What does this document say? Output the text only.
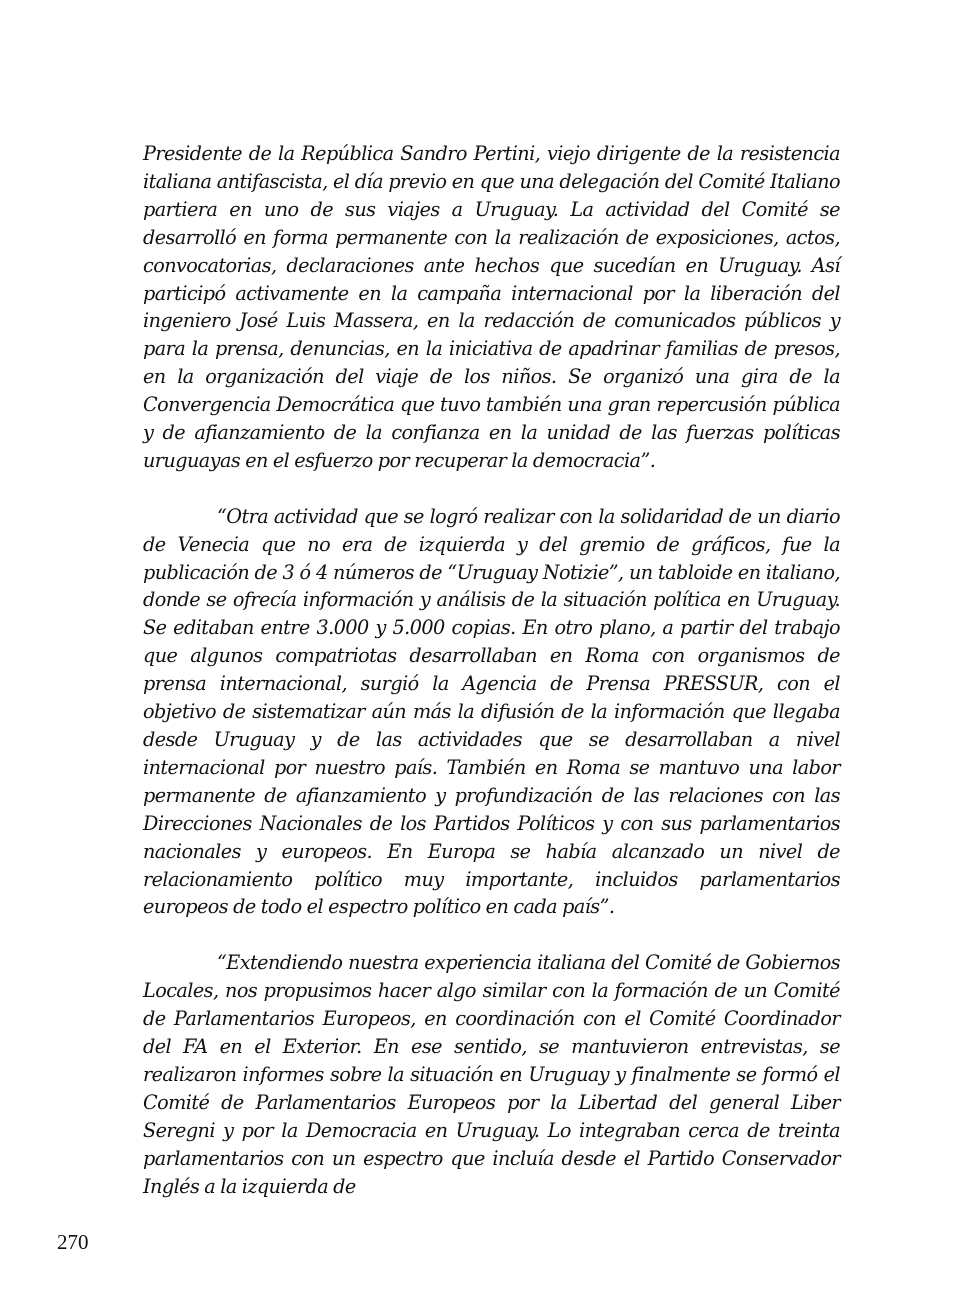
Presidente de la República Sandro Pertini, viejo dirigente de la resistencia italiana antifascista, el día previo en que una delegación del Comité Italiano partiera en uno de sus viajes a Uruguay. La actividad del Comité se desarrolló en forma permanente con la realización de exposiciones, actos, convocatorias, declaraciones ante hechos que sucedían en Uruguay. Así participó activamente en la campaña internacional por la liberación del ingeniero José Luis Massera, en la redacción de comunicados públicos y para la prensa, denuncias, en la iniciativa de apadrinar familias de presos, en la organización del viaje de los niños. Se organizó una gira de la Convergencia Democrática que tuvo también una gran repercusión pública y de afianzamiento de la confianza en la unidad de las fuerzas políticas uruguayas en el esfuerzo por recuperar la democracia”.

“Otra actividad que se logró realizar con la solidaridad de un diario de Venecia que no era de izquierda y del gremio de gráficos, fue la publicación de 3 ó 4 números de “Uruguay Notizie”, un tabloide en italiano, donde se ofrecía información y análisis de la situación política en Uruguay. Se editaban entre 3.000 y 5.000 copias. En otro plano, a partir del trabajo que algunos compatriotas desarrollaban en Roma con organismos de prensa internacional, surgió la Agencia de Prensa PRESSUR, con el objetivo de sistematizar aún más la difusión de la información que llegaba desde Uruguay y de las actividades que se desarrollaban a nivel internacional por nuestro país. También en Roma se mantuvo una labor permanente de afianzamiento y profundización de las relaciones con las Direcciones Nacionales de los Partidos Políticos y con sus parlamentarios nacionales y europeos. En Europa se había alcanzado un nivel de relacionamiento político muy importante, incluidos parlamentarios europeos de todo el espectro político en cada país”.

“Extendiendo nuestra experiencia italiana del Comité de Gobiernos Locales, nos propusimos hacer algo similar con la formación de un Comité de Parlamentarios Europeos, en coordinación con el Comité Coordinador del FA en el Exterior. En ese sentido, se mantuvieron entrevistas, se realizaron informes sobre la situación en Uruguay y finalmente se formó el Comité de Parlamentarios Europeos por la Libertad del general Liber Seregni y por la Democracia en Uruguay. Lo integraban cerca de treinta parlamentarios con un espectro que incluía desde el Partido Conservador Inglés a la izquierda de

270
